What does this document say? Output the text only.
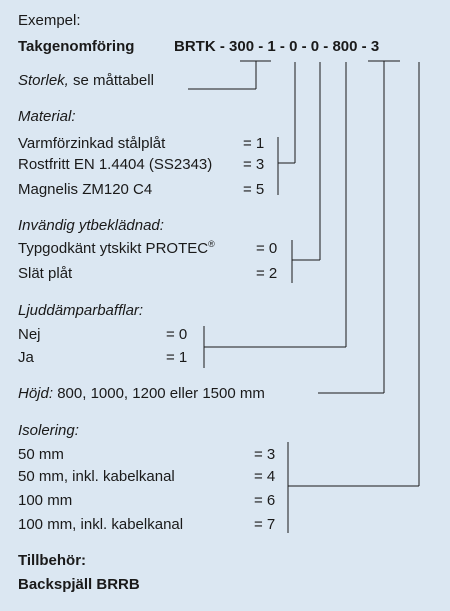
Exempel:
Takgenomföring	BRTK - 300 - 1 - 0 - 0 - 800 - 3
Storlek, se måttabell
Material:
Varmförzinkad stålplåt	= 1
Rostfritt EN 1.4404 (SS2343) = 3
Magnelis ZM120 C4	= 5
Invändig ytbeklädnad:
Typgodkänt ytskikt PROTEC®	= 0
Slät plåt	= 2
Ljuddämparbafflar:
Nej	= 0
Ja	= 1
Höjd: 800, 1000, 1200 eller 1500 mm
Isolering:
50 mm	= 3
50 mm, inkl. kabelkanal	= 4
100 mm	= 6
100 mm, inkl. kabelkanal	= 7
Tillbehör:
Backspjäll BRRB
